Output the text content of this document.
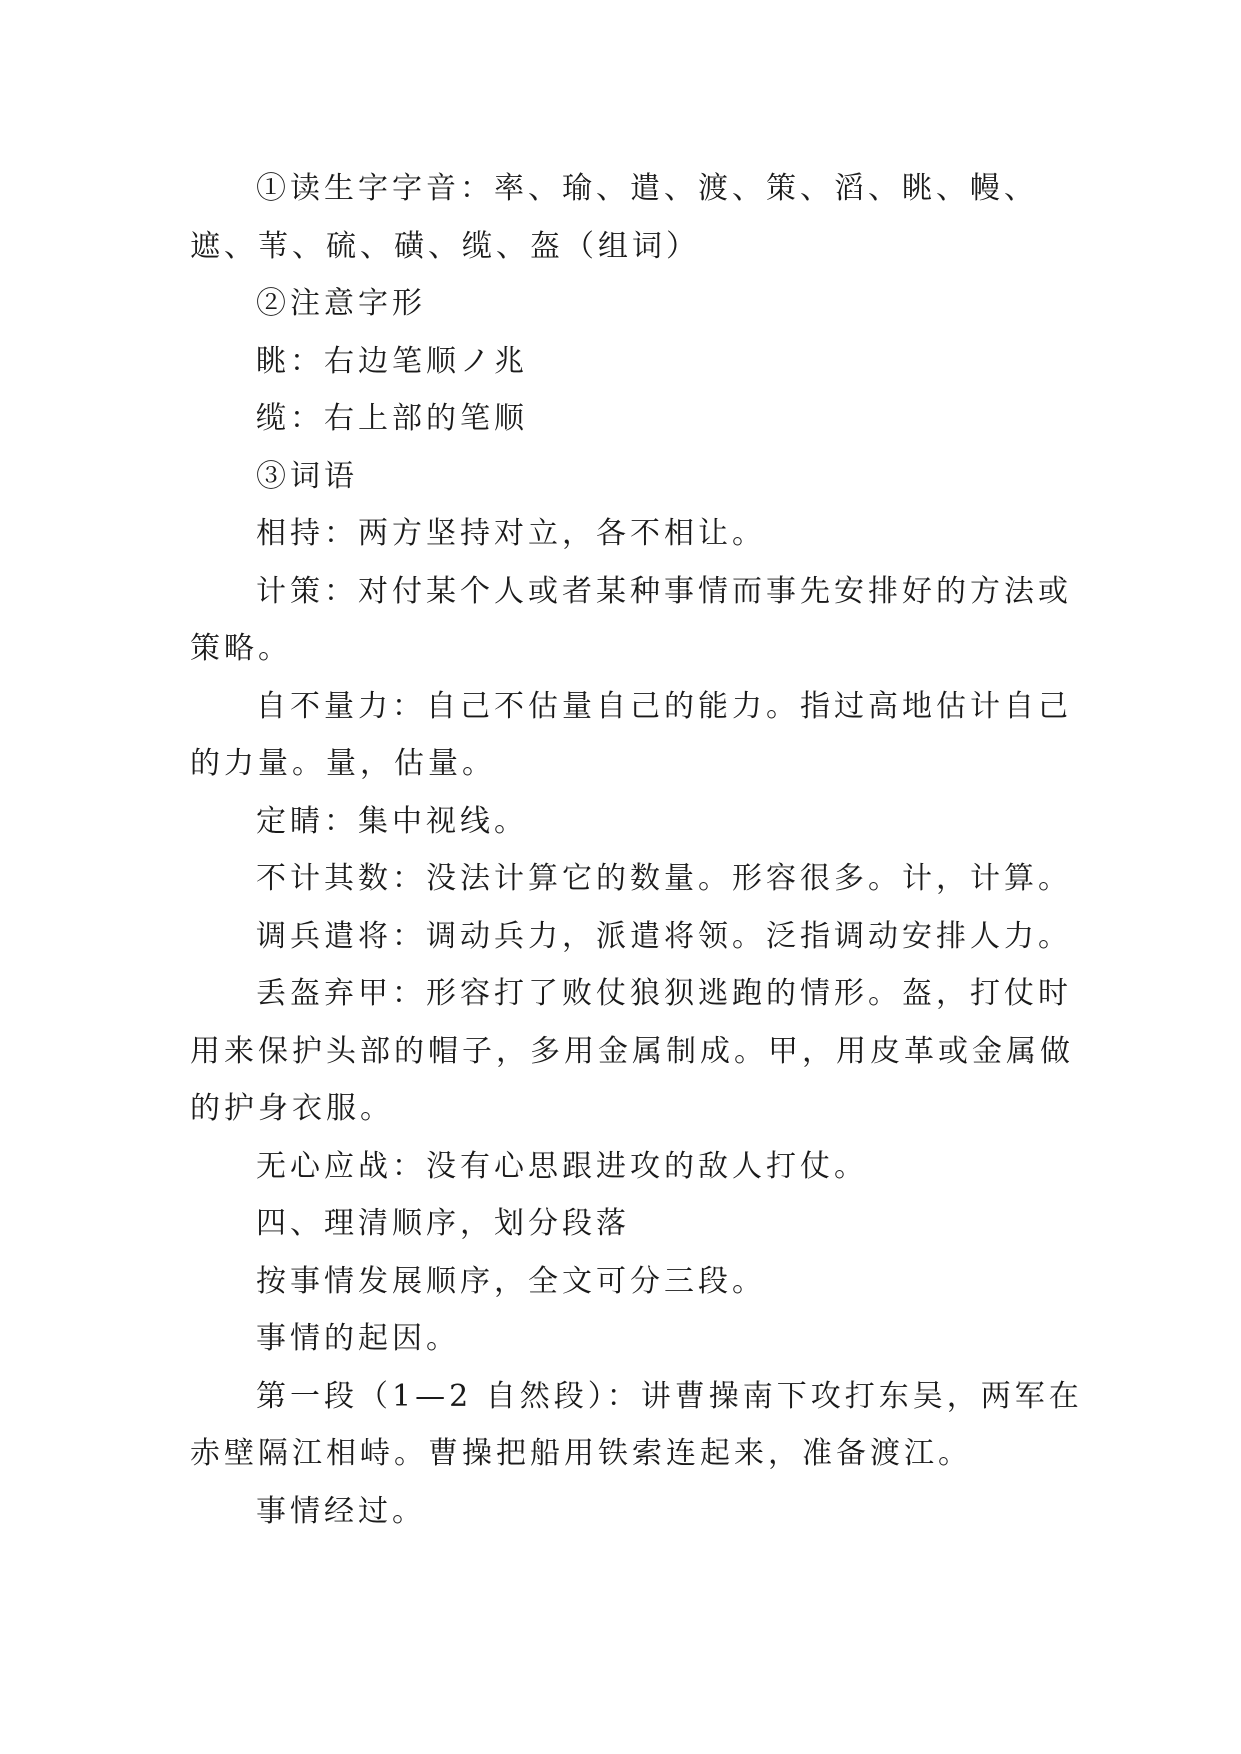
①读生字字音：率、瑜、遣、渡、策、滔、眺、幔、遮、苇、硫、磺、缆、盔（组词）

②注意字形

眺：右边笔顺ノ兆

缆：右上部的笔顺

③词语

相持：两方坚持对立，各不相让。

计策：对付某个人或者某种事情而事先安排好的方法或策略。

自不量力：自己不估量自己的能力。指过高地估计自己的力量。量，估量。

定睛：集中视线。

不计其数：没法计算它的数量。形容很多。计，计算。

调兵遣将：调动兵力，派遣将领。泛指调动安排人力。

丢盔弃甲：形容打了败仗狼狈逃跑的情形。盔，打仗时用来保护头部的帽子，多用金属制成。甲，用皮革或金属做的护身衣服。

无心应战：没有心思跟进攻的敌人打仗。

四、理清顺序，划分段落

按事情发展顺序，全文可分三段。

事情的起因。

第一段（1—2 自然段）：讲曹操南下攻打东吴，两军在赤壁隔江相峙。曹操把船用铁索连起来，准备渡江。

事情经过。
